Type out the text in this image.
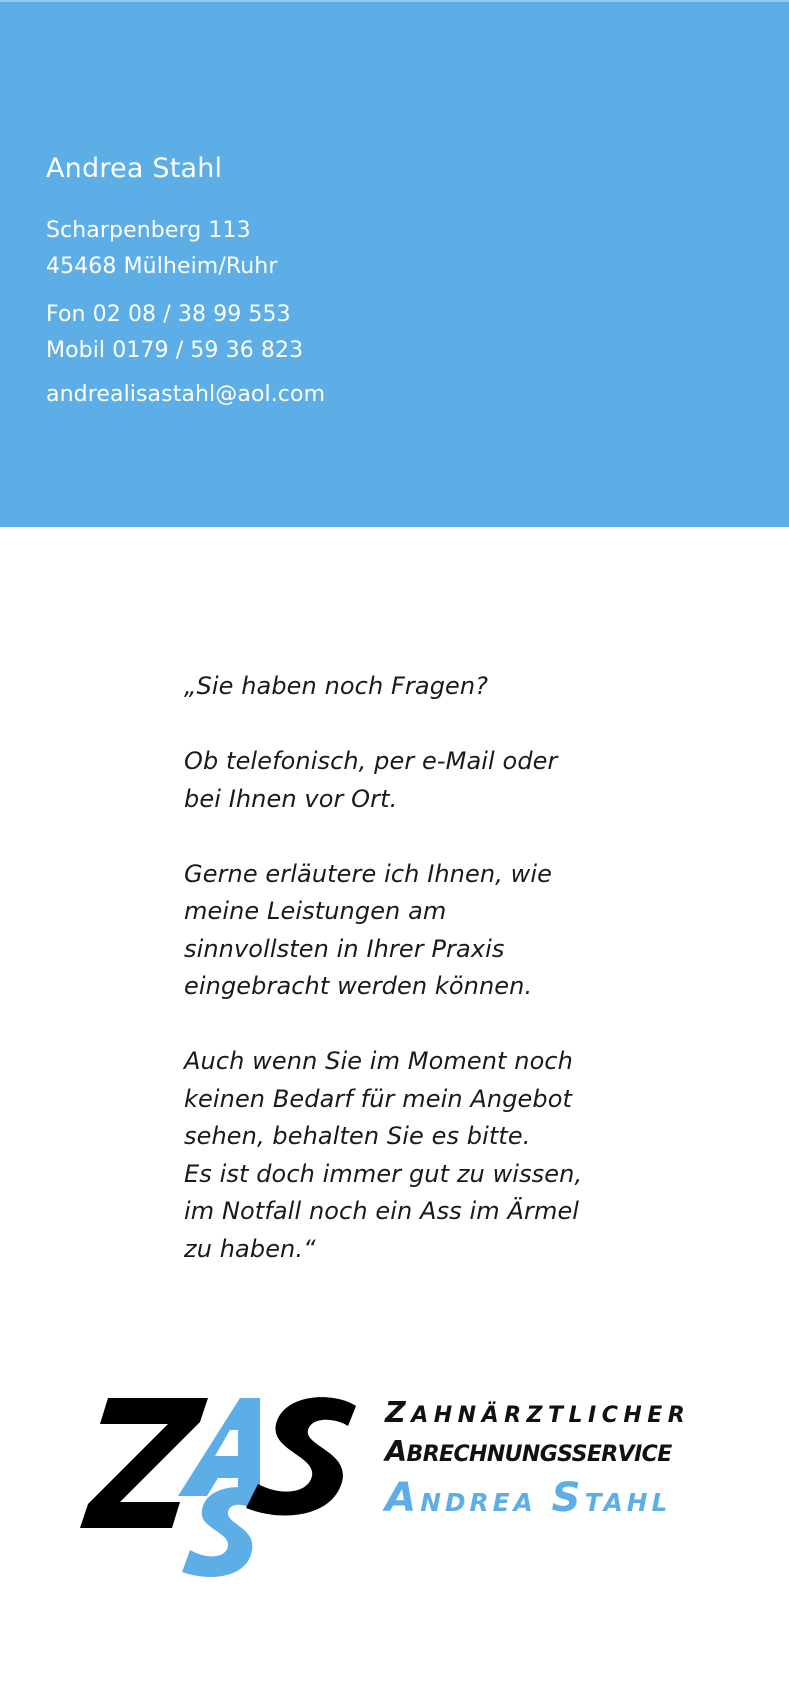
Andrea Stahl

Scharpenberg 113

45468 Mülheim/Ruhr

Fon 02 08 / 38 99 553

Mobil 0179 / 59 36 823

andrealisastahl@aol.com

„Sie haben noch Fragen?

Ob telefonisch, per e-Mail oder
bei Ihnen vor Ort.

Gerne erläutere ich Ihnen, wie
meine Leistungen am
sinnvollsten in Ihrer Praxis
eingebracht werden können.

Auch wenn Sie im Moment noch
keinen Bedarf für mein Angebot
sehen, behalten Sie es bitte.
Es ist doch immer gut zu wissen,
im Notfall noch ein Ass im Ärmel
zu haben.“

ZAHNÄRZTLICHER
ABRECHNUNGSSERVICE
ANDREA STAHL
